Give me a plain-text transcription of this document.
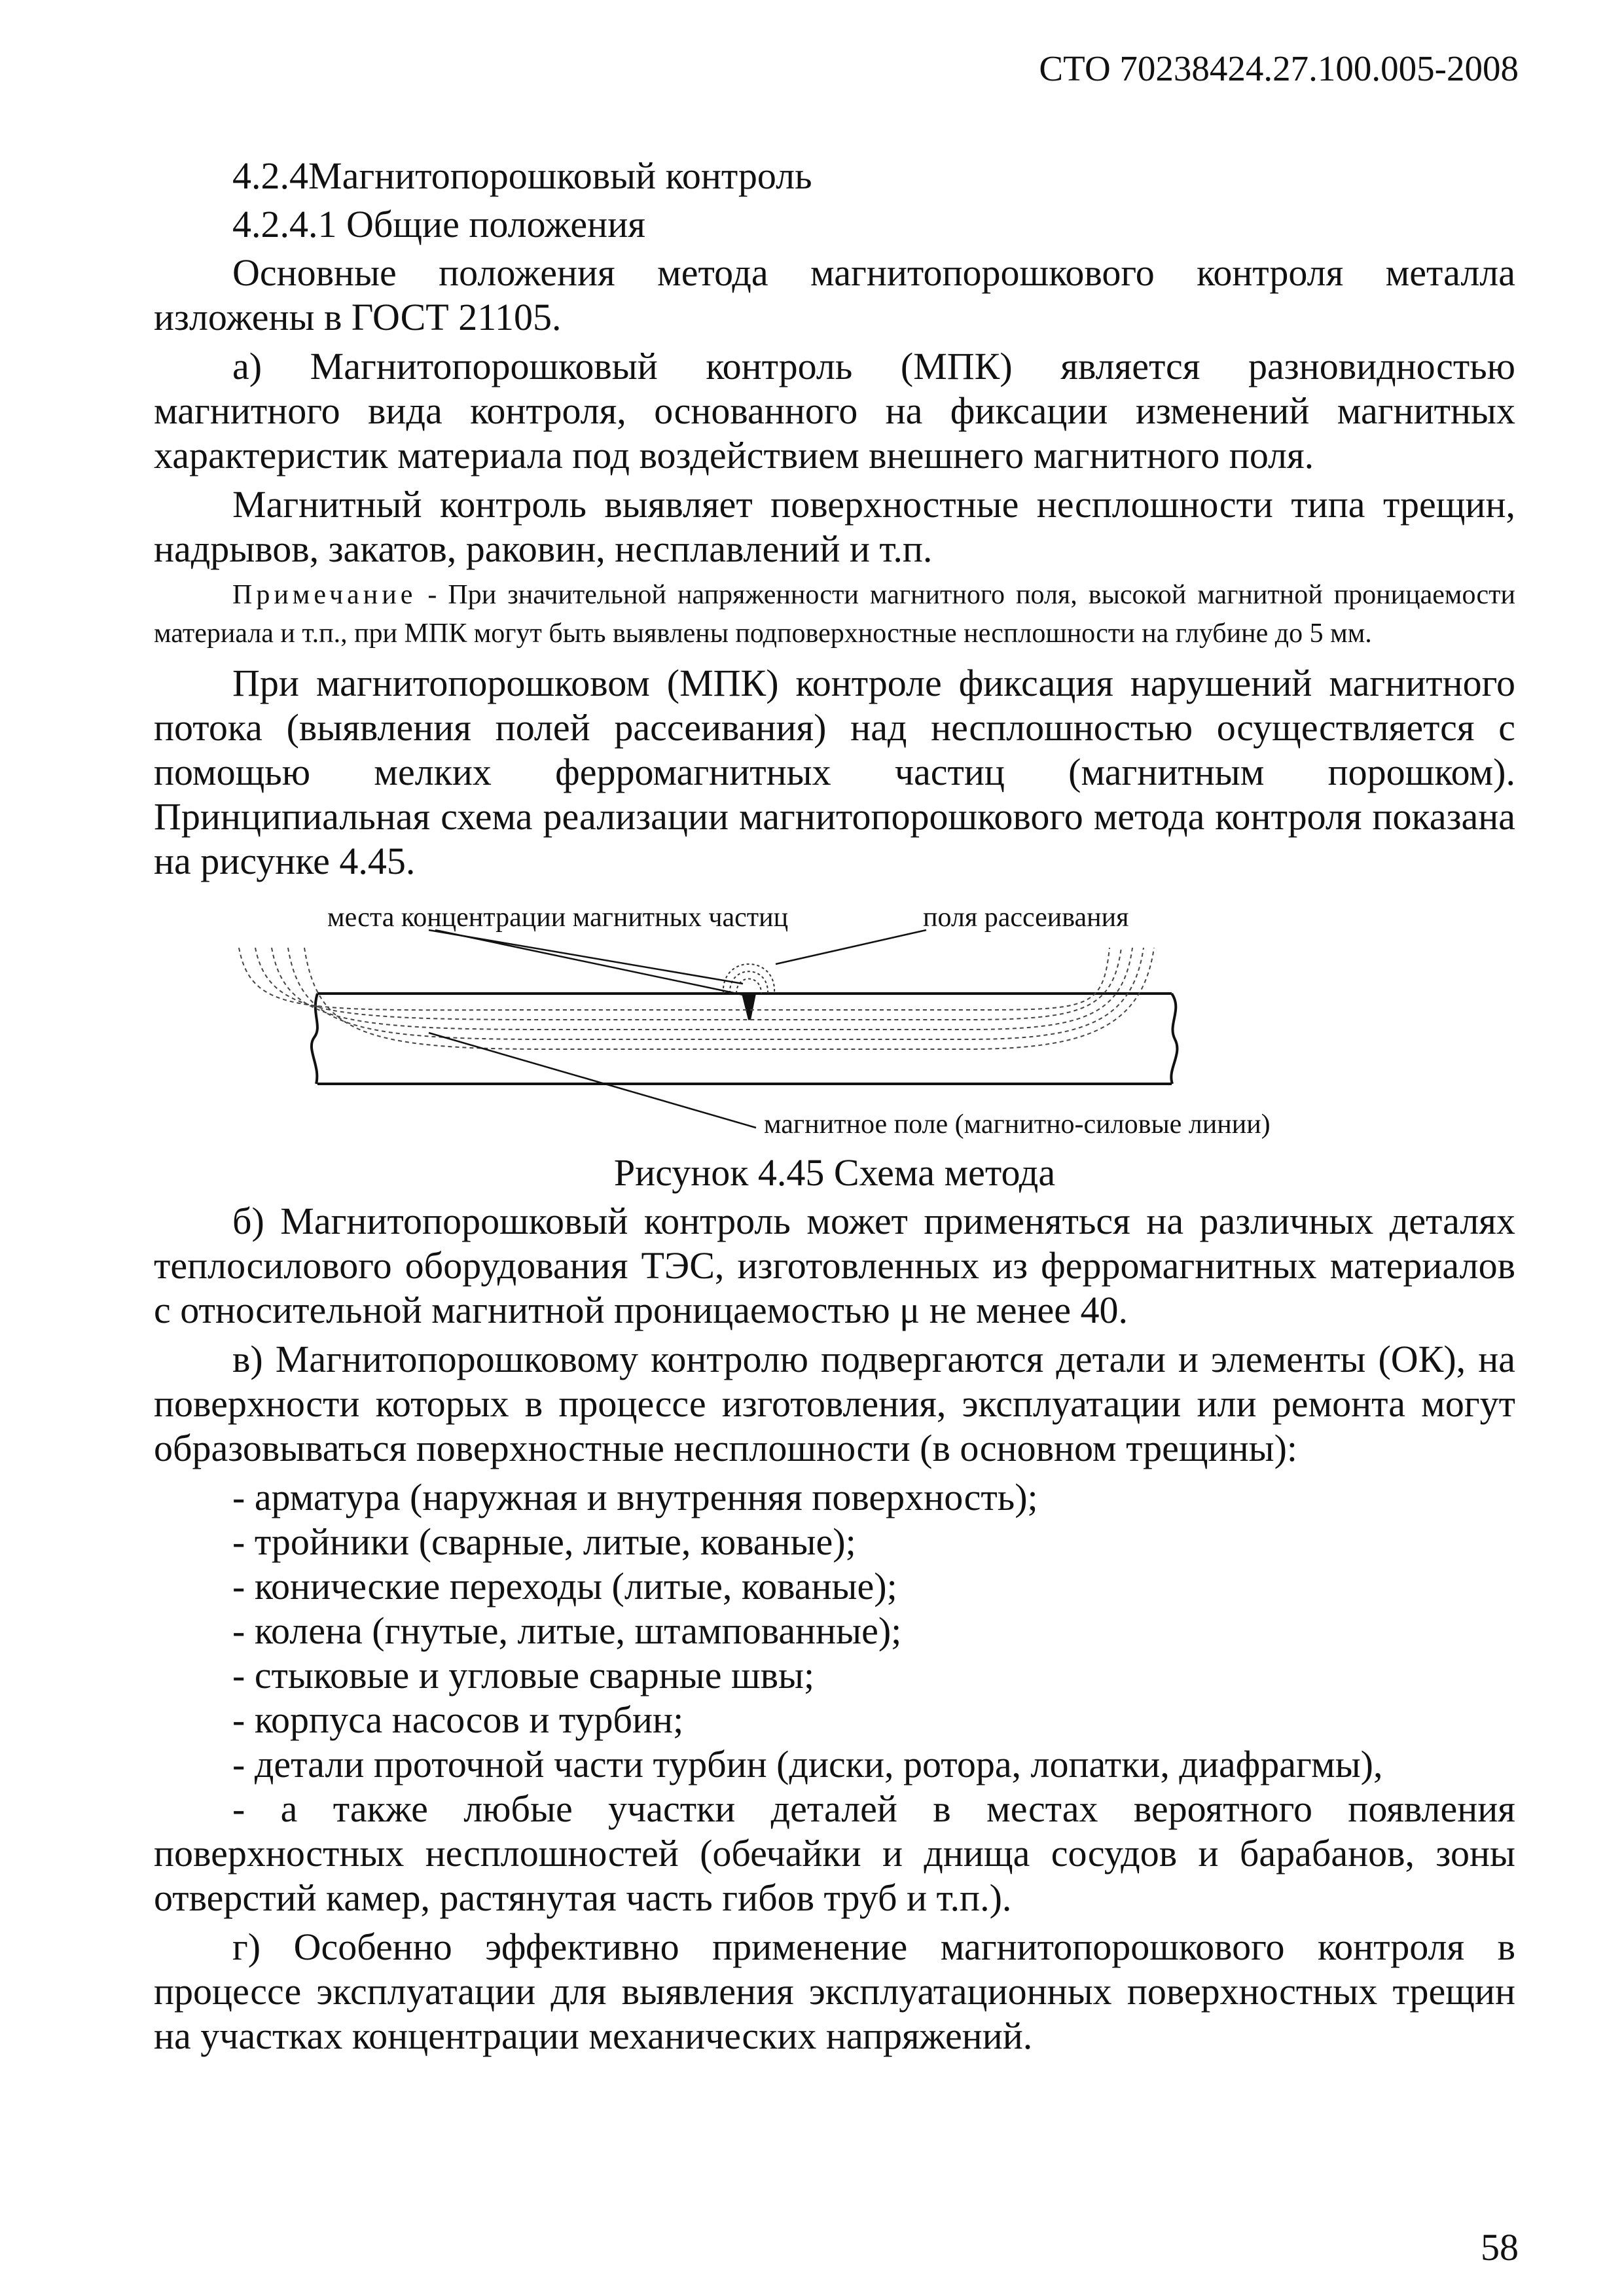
СТО 70238424.27.100.005-2008
4.2.4Магнитопорошковый контроль
4.2.4.1 Общие положения
Основные положения метода магнитопорошкового контроля металла изложены в ГОСТ 21105.
а) Магнитопорошковый контроль (МПК) является разновидностью магнитного вида контроля, основанного на фиксации изменений магнитных характеристик материала под воздействием внешнего магнитного поля.
Магнитный контроль выявляет поверхностные несплошности типа трещин, надрывов, закатов, раковин, несплавлений и т.п.
Примечание - При значительной напряженности магнитного поля, высокой магнитной проницаемости материала и т.п., при МПК могут быть выявлены подповерхностные несплошности на глубине до 5 мм.
При магнитопорошковом (МПК) контроле фиксация нарушений магнитного потока (выявления полей рассеивания) над несплошностью осуществляется с помощью мелких ферромагнитных частиц (магнитным порошком). Принципиальная схема реализации магнитопорошкового метода контроля показана на рисунке 4.45.
места концентрации магнитных частиц	поля рассеивания
магнитное поле (магнитно-силовые линии)
Рисунок 4.45 Схема метода
б) Магнитопорошковый контроль может применяться на различных деталях теплосилового оборудования ТЭС, изготовленных из ферромагнитных материалов с относительной магнитной проницаемостью μ не менее 40.
в) Магнитопорошковому контролю подвергаются детали и элементы (ОК), на поверхности которых в процессе изготовления, эксплуатации или ремонта могут образовываться поверхностные несплошности (в основном трещины):
- арматура (наружная и внутренняя поверхность);
- тройники (сварные, литые, кованые);
- конические переходы (литые, кованые);
- колена (гнутые, литые, штампованные);
- стыковые и угловые сварные швы;
- корпуса насосов и турбин;
- детали проточной части турбин (диски, ротора, лопатки, диафрагмы),
- а также любые участки деталей в местах вероятного появления поверхностных несплошностей (обечайки и днища сосудов и барабанов, зоны отверстий камер, растянутая часть гибов труб и т.п.).
г) Особенно эффективно применение магнитопорошкового контроля в процессе эксплуатации для выявления эксплуатационных поверхностных трещин на участках концентрации механических напряжений.
58
